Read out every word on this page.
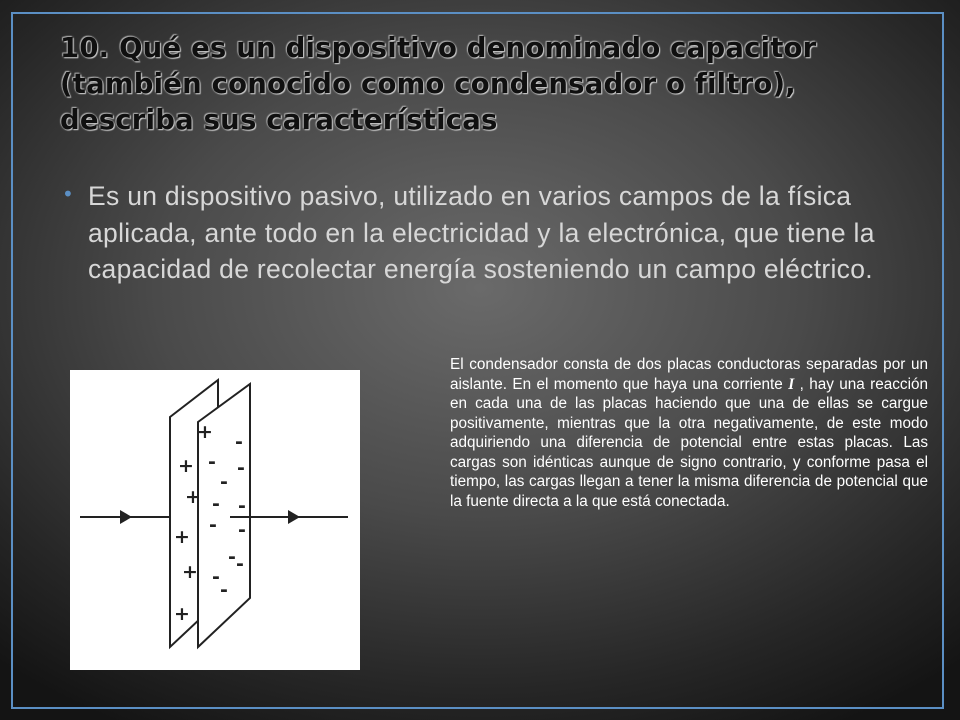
10. Qué es un dispositivo denominado capacitor (también conocido como condensador o filtro), describa sus características
• Es un dispositivo pasivo, utilizado en varios campos de la física aplicada, ante todo en la electricidad y la electrónica, que tiene la capacidad de recolectar energía sosteniendo un campo eléctrico.

+
+
+
+
+
+
-
- -
-
-
-
-
-
-
-
-
-

El condensador consta de dos placas conductoras separadas por un aislante. En el momento que haya una corriente I , hay una reacción en cada una de las placas haciendo que una de ellas se cargue positivamente, mientras que la otra negativamente, de este modo adquiriendo una diferencia de potencial entre estas placas. Las cargas son idénticas aunque de signo contrario, y conforme pasa el tiempo, las cargas llegan a tener la misma diferencia de potencial que la fuente directa a la que está conectada.
